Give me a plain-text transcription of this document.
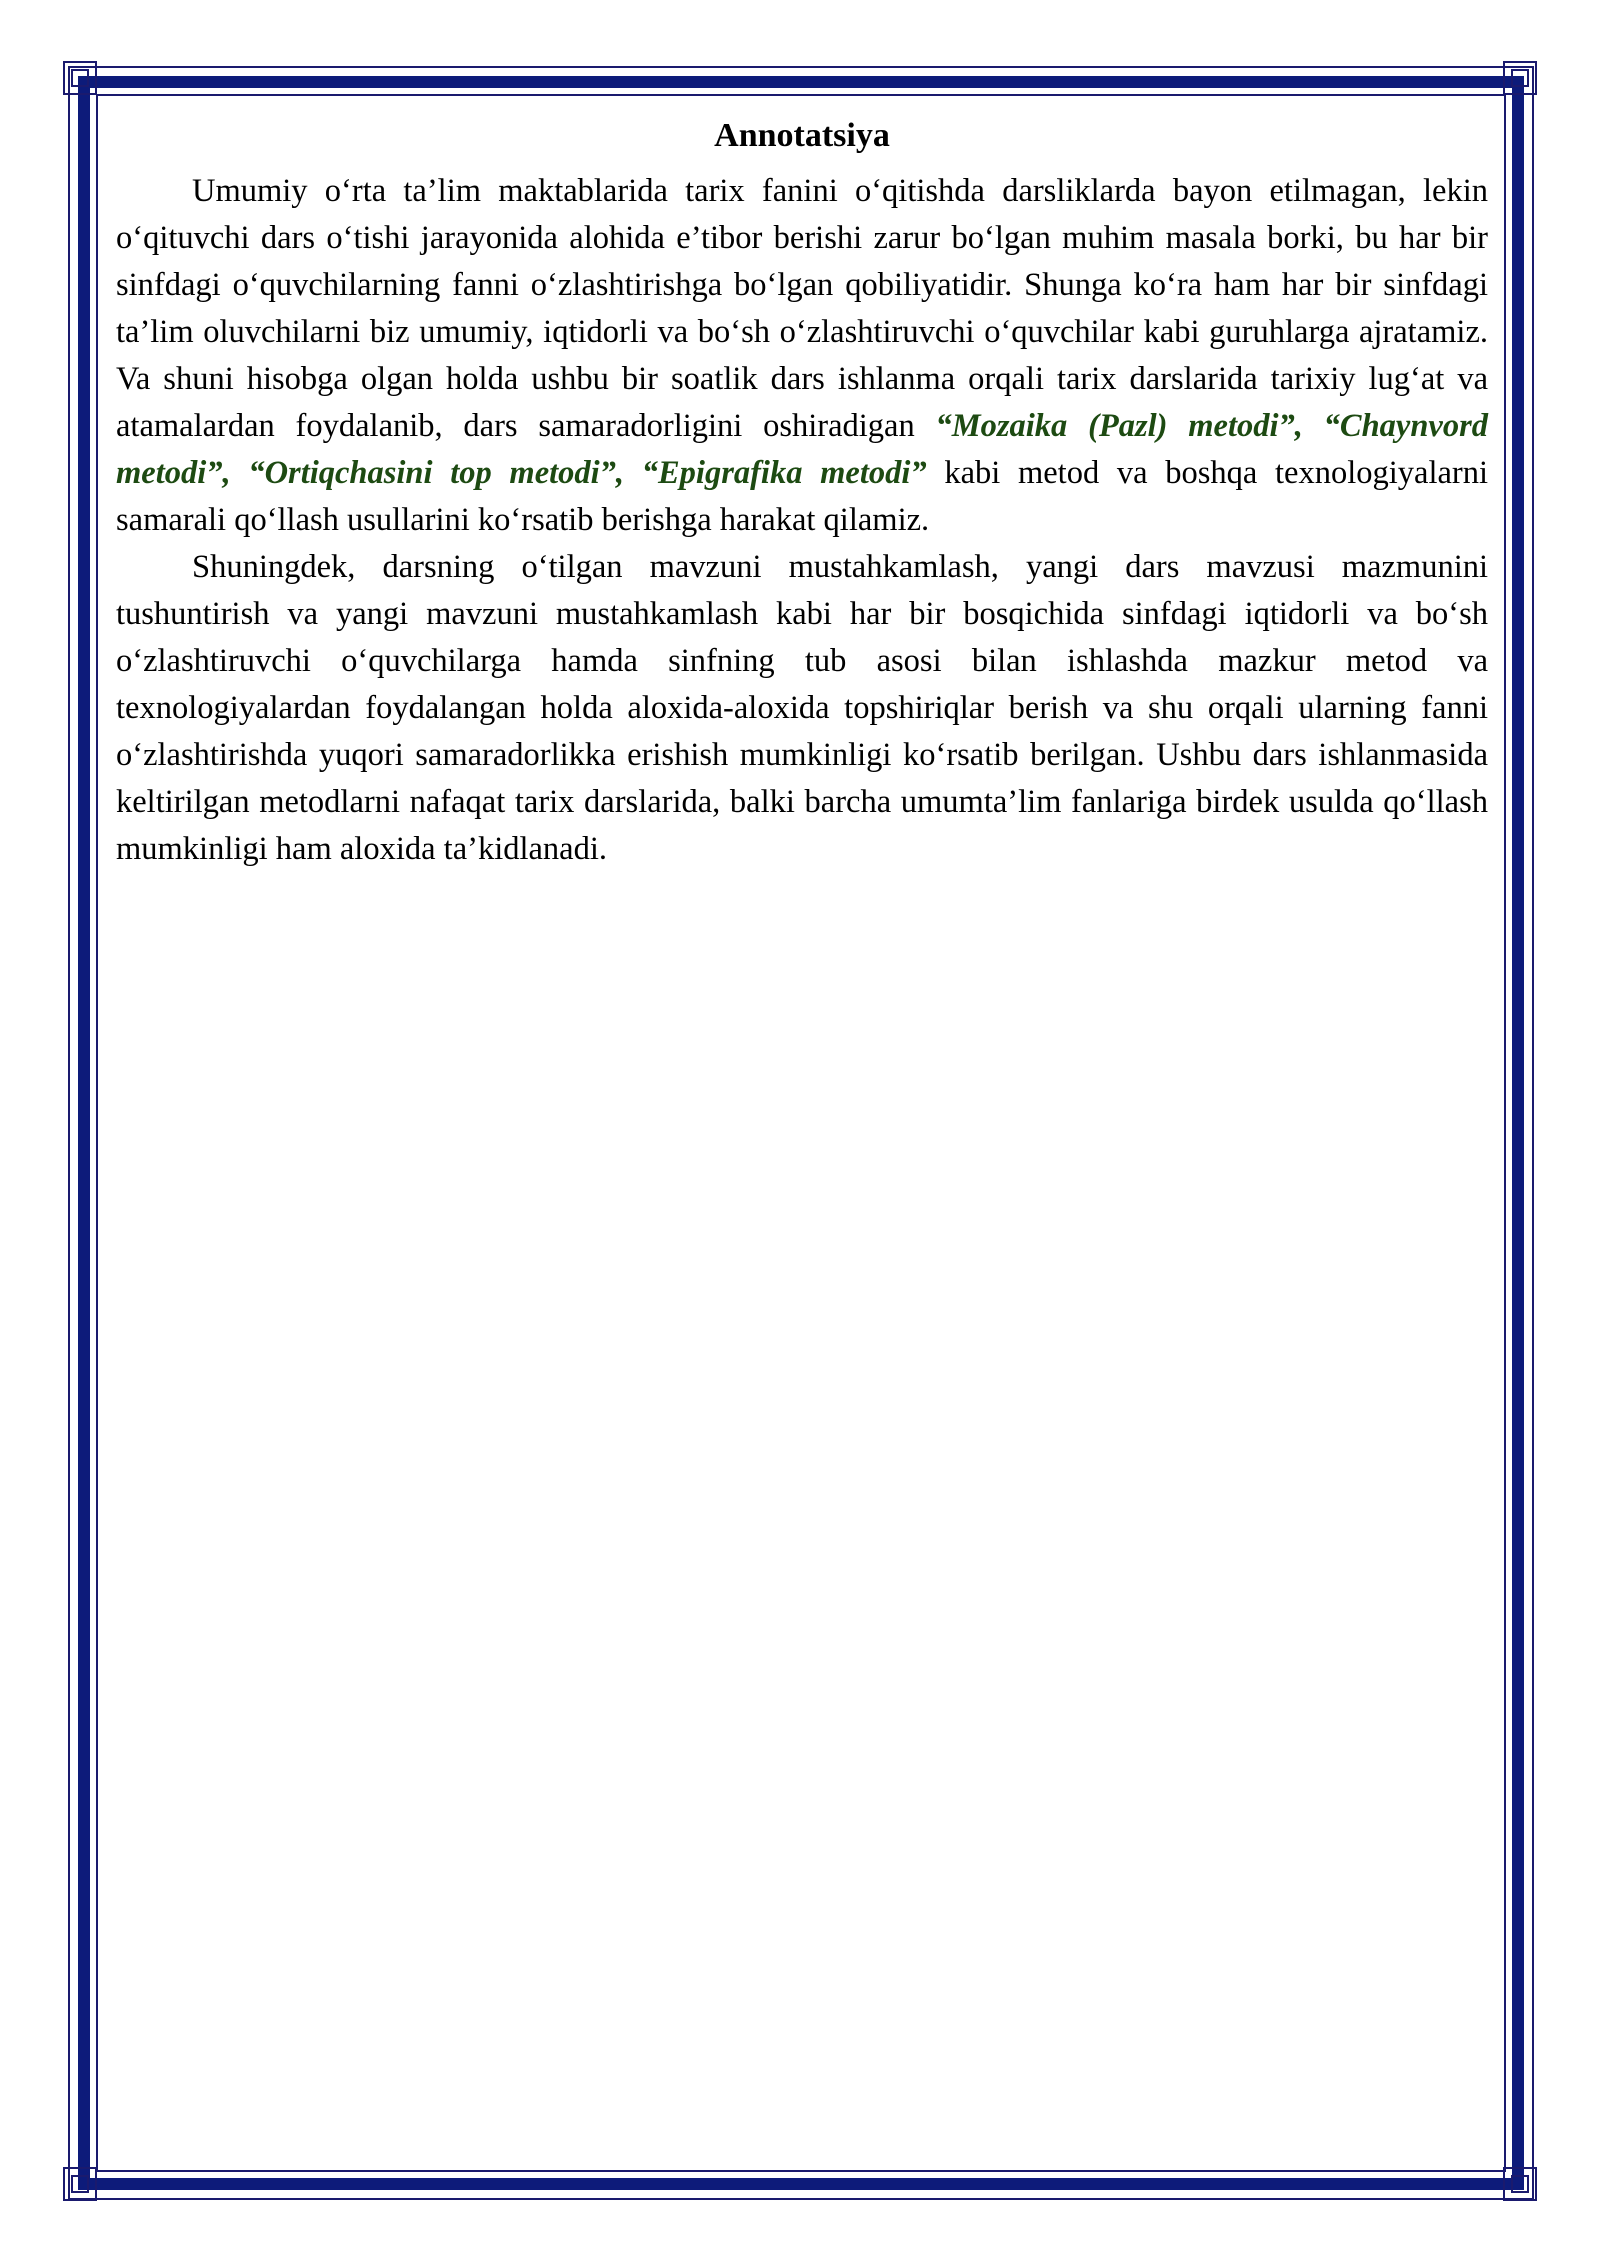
Annotatsiya

Umumiy o‘rta ta’lim maktablarida tarix fanini o‘qitishda darsliklarda bayon etilmagan, lekin o‘qituvchi dars o‘tishi jarayonida alohida e’tibor berishi zarur bo‘lgan muhim masala borki, bu har bir sinfdagi o‘quvchilarning fanni o‘zlashtirishga bo‘lgan qobiliyatidir. Shunga ko‘ra ham har bir sinfdagi ta’lim oluvchilarni biz umumiy, iqtidorli va bo‘sh o‘zlashtiruvchi o‘quvchilar kabi guruhlarga ajratamiz. Va shuni hisobga olgan holda ushbu bir soatlik dars ishlanma orqali tarix darslarida tarixiy lug‘at va atamalardan foydalanib, dars samaradorligini oshiradigan “Mozaika (Pazl) metodi”, “Chaynvord metodi”, “Ortiqchasini top metodi”, “Epigrafika metodi” kabi metod va boshqa texnologiyalarni samarali qo‘llash usullarini ko‘rsatib berishga harakat qilamiz.

Shuningdek, darsning o‘tilgan mavzuni mustahkamlash, yangi dars mavzusi mazmunini tushuntirish va yangi mavzuni mustahkamlash kabi har bir bosqichida sinfdagi iqtidorli va bo‘sh o‘zlashtiruvchi o‘quvchilarga hamda sinfning tub asosi bilan ishlashda mazkur metod va texnologiyalardan foydalangan holda aloxida-aloxida topshiriqlar berish va shu orqali ularning fanni o‘zlashtirishda yuqori samaradorlikka erishish mumkinligi ko‘rsatib berilgan. Ushbu dars ishlanmasida keltirilgan metodlarni nafaqat tarix darslarida, balki barcha umumta’lim fanlariga birdek usulda qo‘llash mumkinligi ham aloxida ta’kidlanadi.
